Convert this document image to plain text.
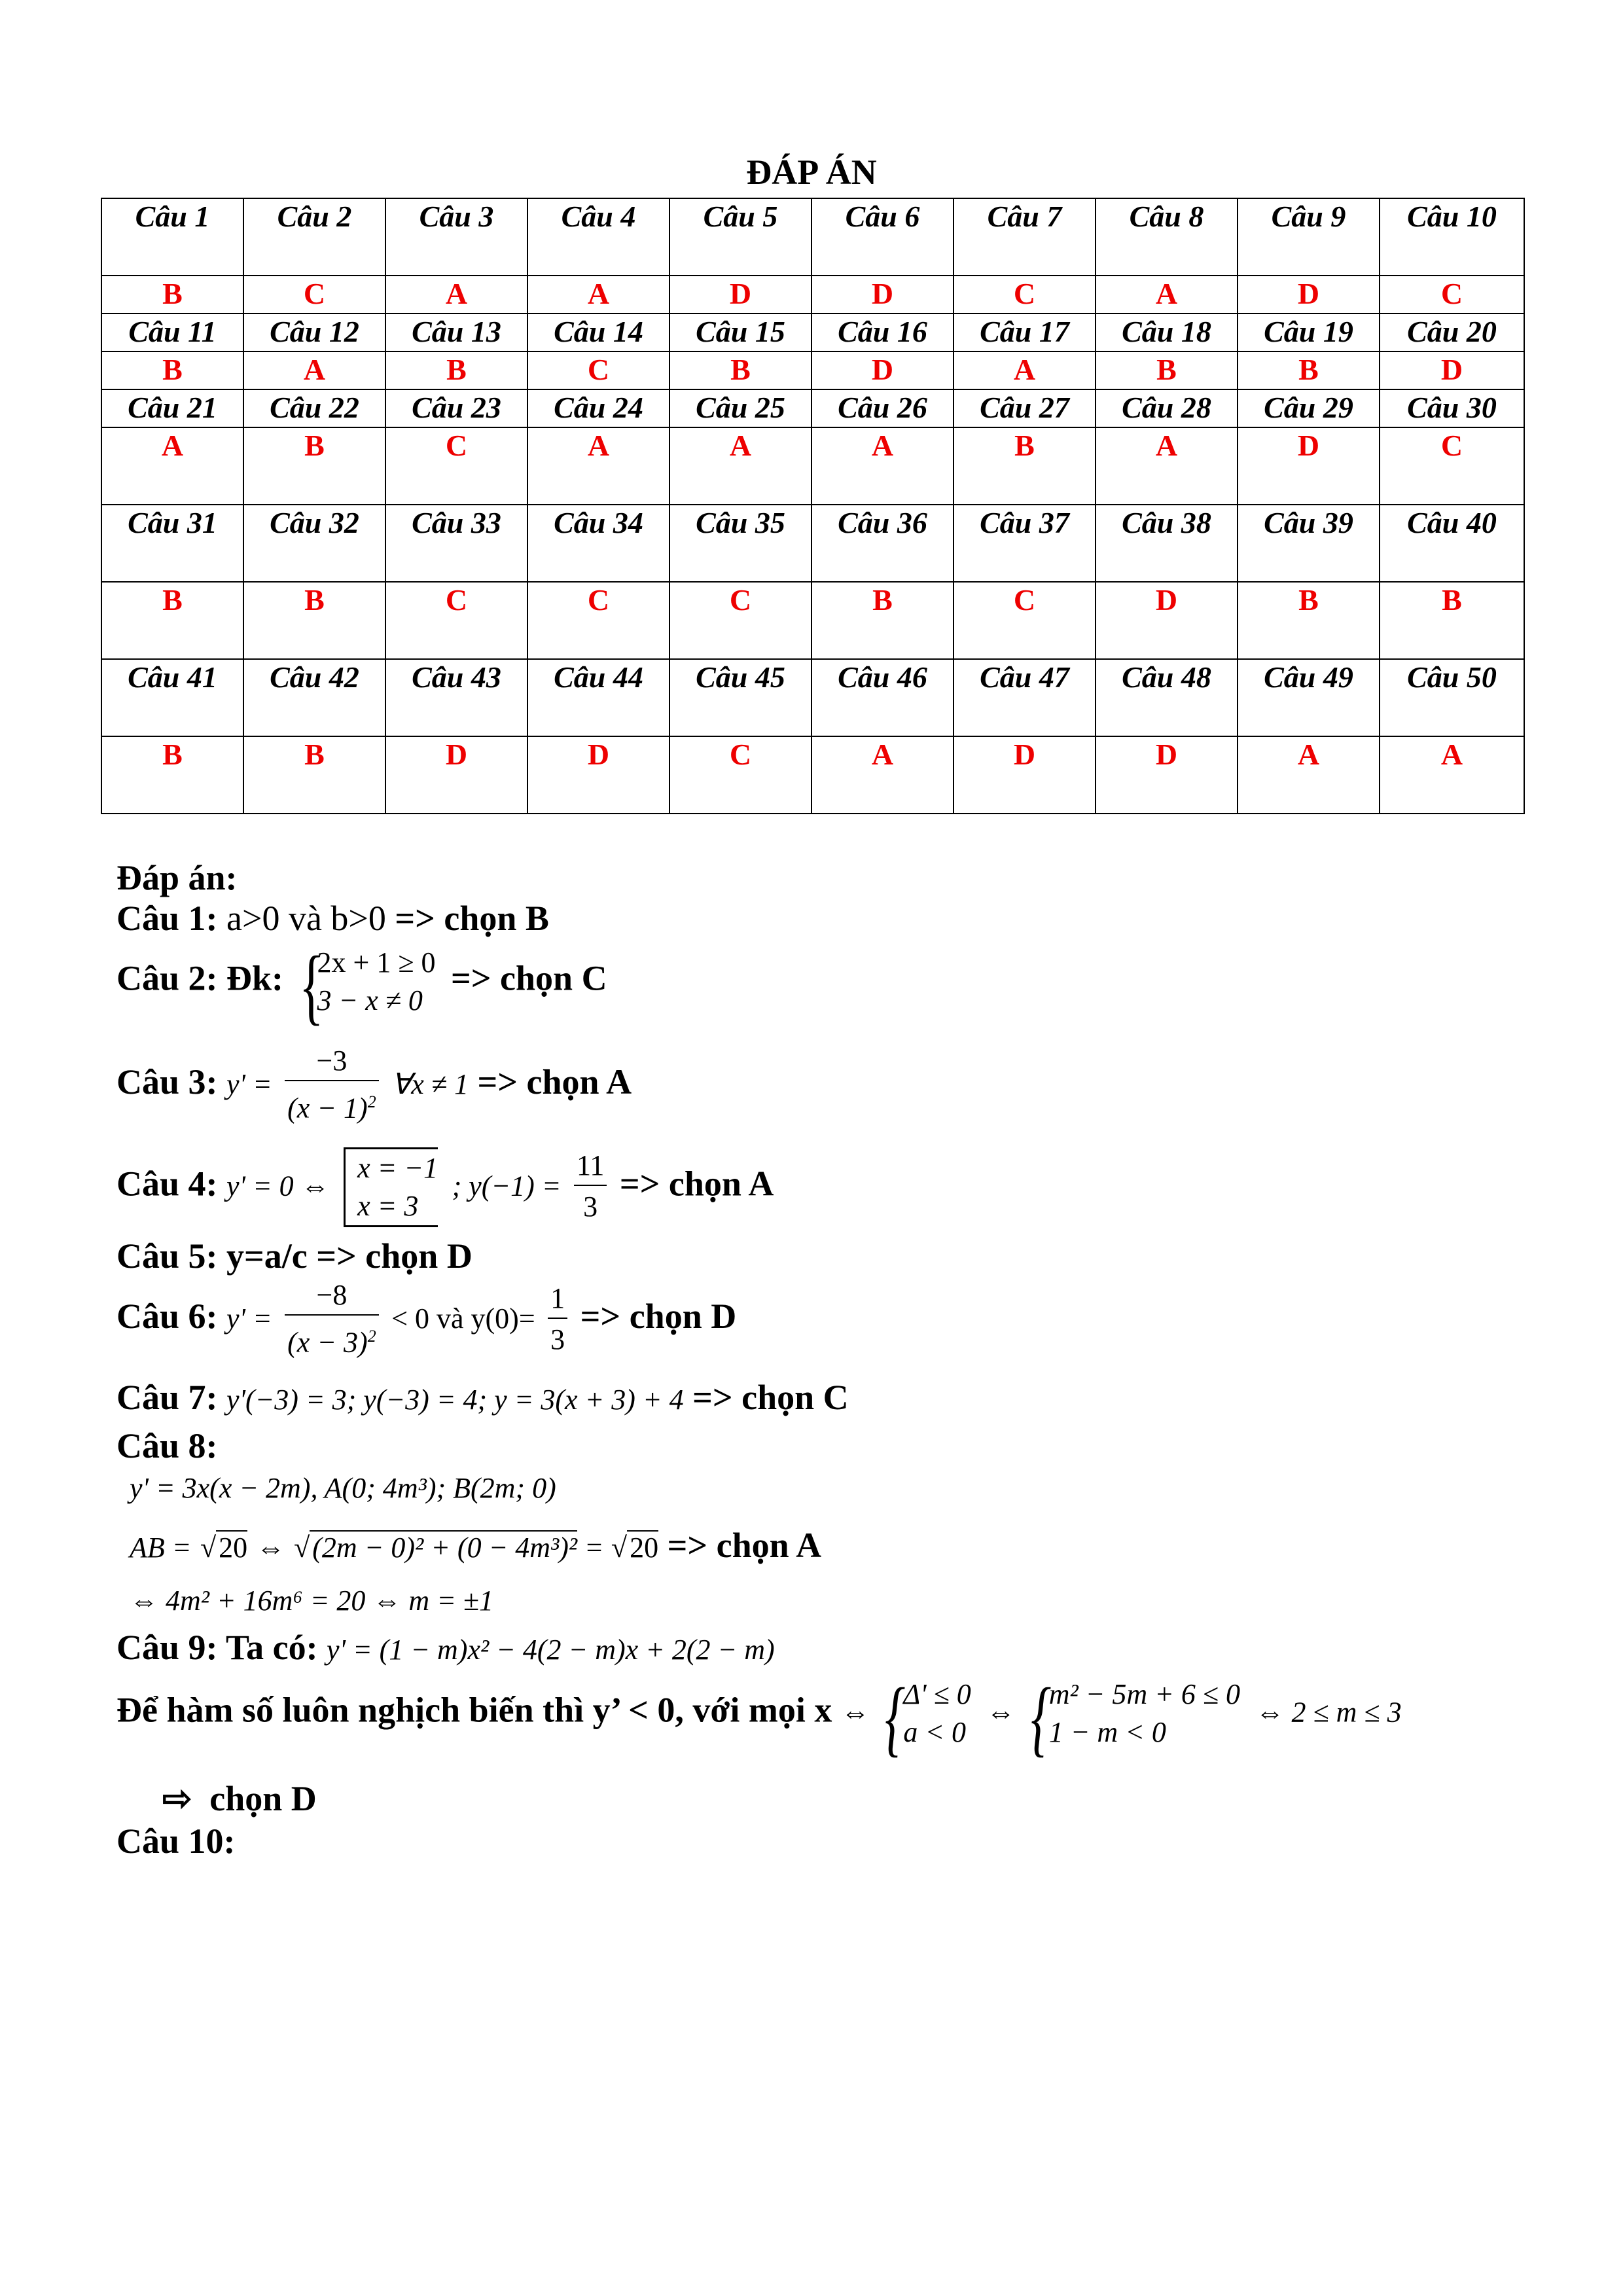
ĐÁP ÁN
Câu 1	Câu 2	Câu 3	Câu 4	Câu 5	Câu 6	Câu 7	Câu 8	Câu 9	Câu 10
B	C	A	A	D	D	C	A	D	C
Câu 11	Câu 12	Câu 13	Câu 14	Câu 15	Câu 16	Câu 17	Câu 18	Câu 19	Câu 20
B	A	B	C	B	D	A	B	B	D
Câu 21	Câu 22	Câu 23	Câu 24	Câu 25	Câu 26	Câu 27	Câu 28	Câu 29	Câu 30
A	B	C	A	A	A	B	A	D	C
Câu 31	Câu 32	Câu 33	Câu 34	Câu 35	Câu 36	Câu 37	Câu 38	Câu 39	Câu 40
B	B	C	C	C	B	C	D	B	B
Câu 41	Câu 42	Câu 43	Câu 44	Câu 45	Câu 46	Câu 47	Câu 48	Câu 49	Câu 50
B	B	D	D	C	A	D	D	A	A
Đáp án:
Câu 1: a>0 và b>0 => chọn B
Câu 2: Đk: {
2x + 1 ≥ 0
3 − x ≠ 0
=> chọn C
Câu 3: $y' = \frac{-3}{(x - 1)^2}$ ∀x ≠ 1 => chọn A
Câu 4: y' = 0 ⇔
x = −1
x = 3
; $y(-1) = \frac{11}{3}$ => chọn A
Câu 5: y=a/c => chọn D
Câu 6: $y' = \frac{-8}{(x - 3)^2} < 0$ và $y(0)= \frac{1}{3}$ => chọn D
Câu 7: y'(−3) = 3; y(−3) = 4; y = 3(x + 3) + 4 => chọn C
Câu 8:
y' = 3x(x − 2m), A(0; 4m³); B(2m; 0)
AB = √20 ⇔ √(2m − 0)² + (0 − 4m³)² = √20 => chọn A
⇔ 4m² + 16m⁶ = 20 ⇔ m = ±1
Câu 9: Ta có: y' = (1 − m)x² − 4(2 − m)x + 2(2 − m)
Để hàm số luôn nghịch biến thì y’ < 0, với mọi x ⇔ {
Δ' ≤ 0
a < 0
⇔ {
m² − 5m + 6 ≤ 0
1 − m < 0
⇔ 2 ≤ m ≤ 3
⇨ chọn D
Câu 10:
